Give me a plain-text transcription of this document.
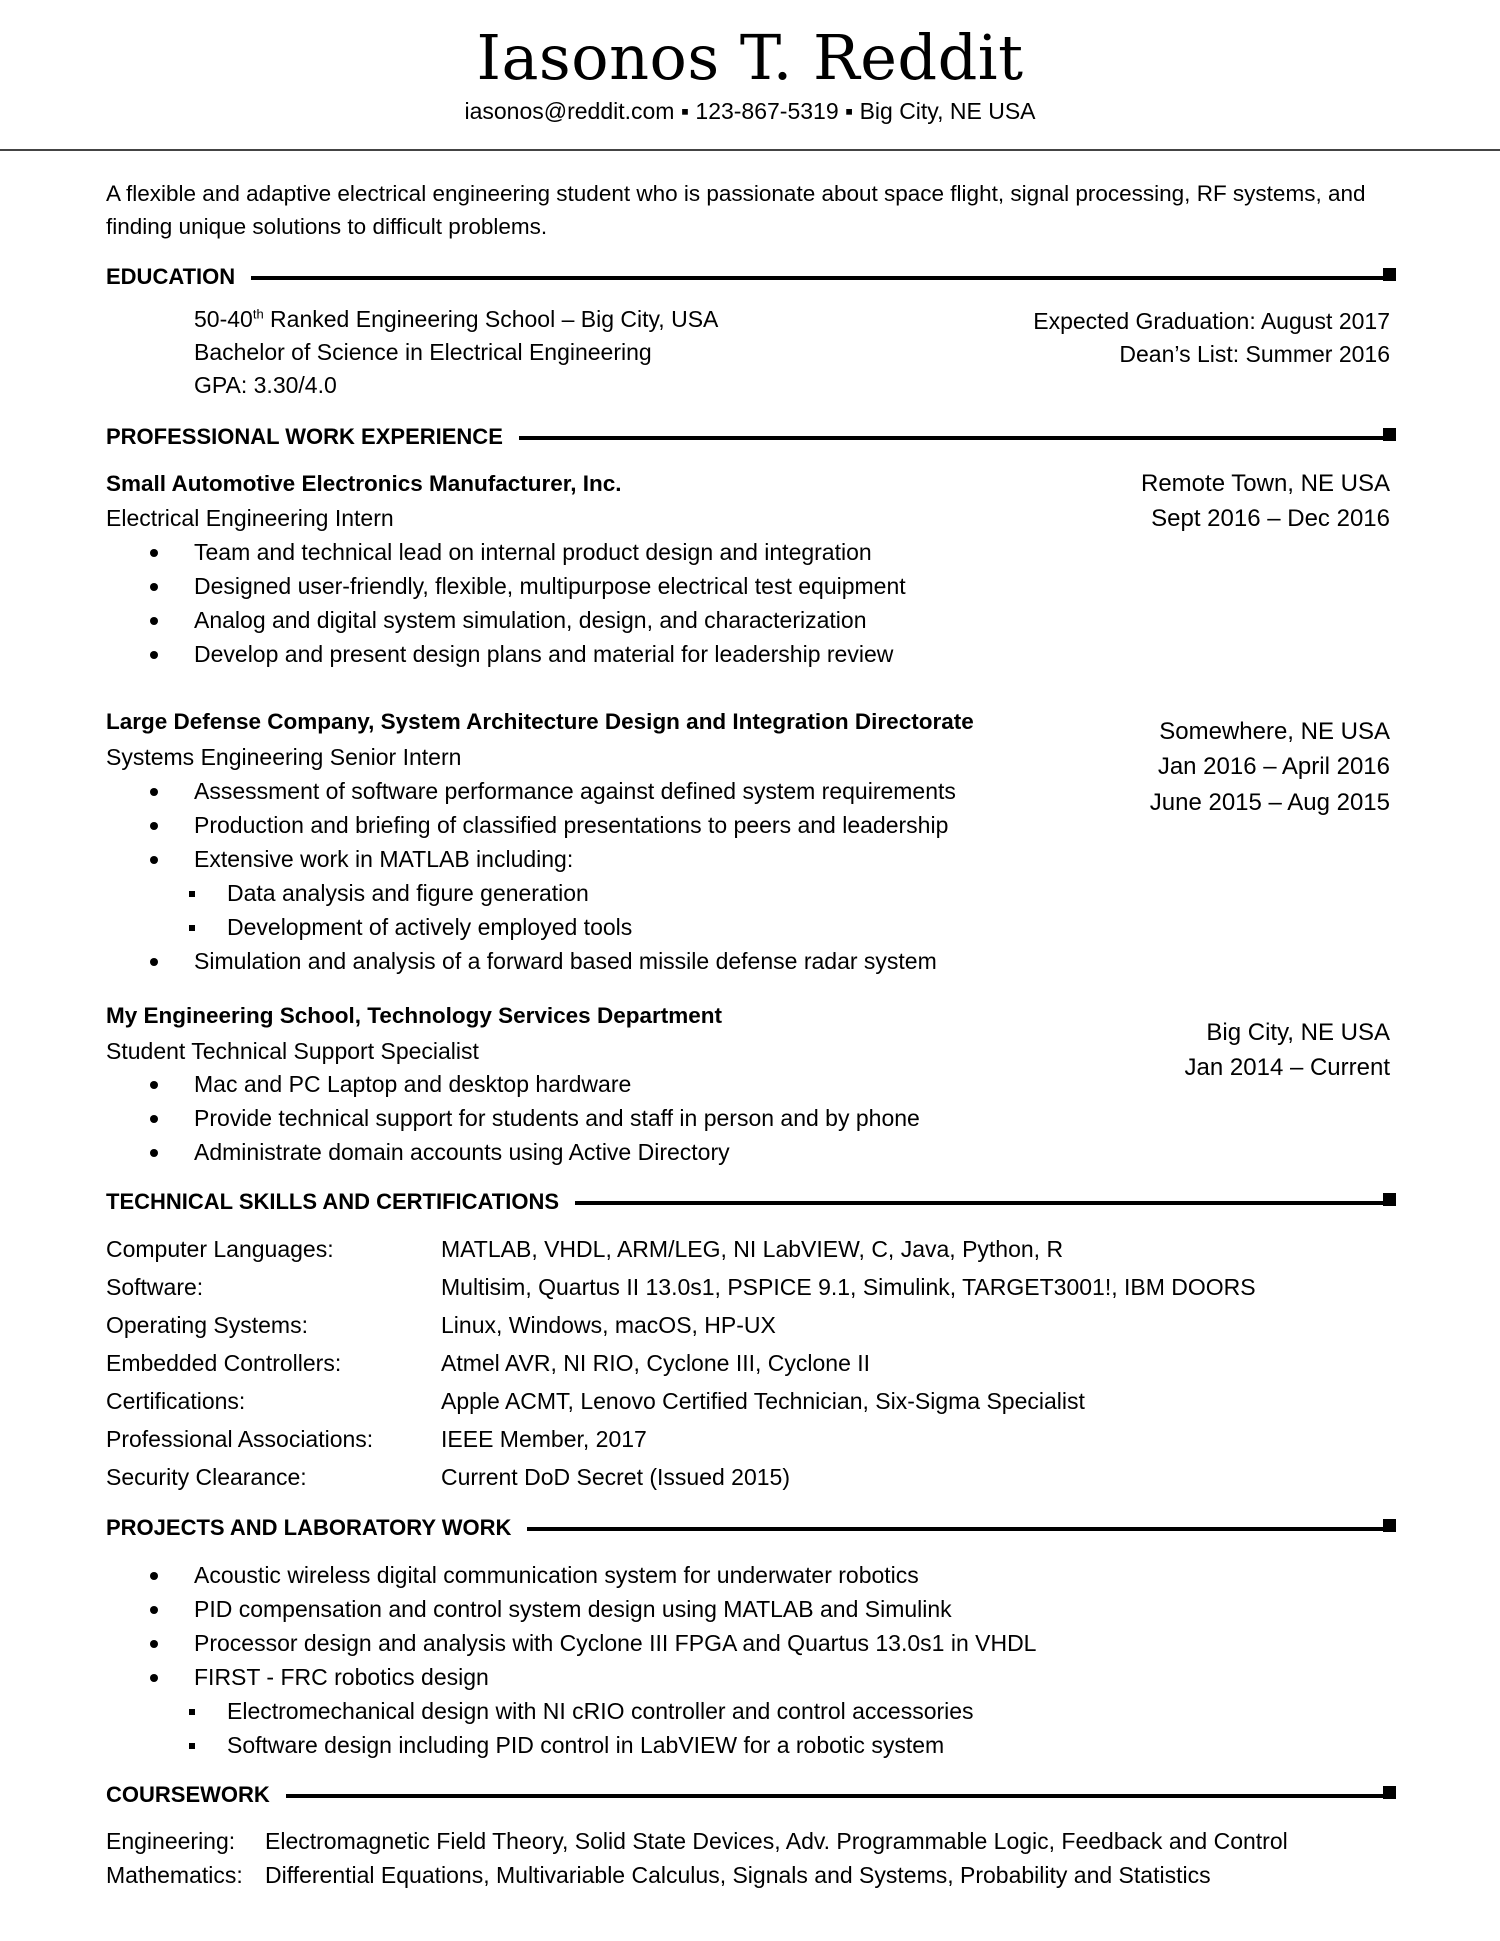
Iasonos T. Reddit
iasonos@reddit.com ▪ 123-867-5319 ▪ Big City, NE USA
A flexible and adaptive electrical engineering student who is passionate about space flight, signal processing, RF systems, and finding unique solutions to difficult problems.
EDUCATION
50-40th Ranked Engineering School – Big City, USA
Bachelor of Science in Electrical Engineering
GPA: 3.30/4.0
Expected Graduation: August 2017
Dean’s List: Summer 2016
PROFESSIONAL WORK EXPERIENCE
Small Automotive Electronics Manufacturer, Inc.
Electrical Engineering Intern
Remote Town, NE USA
Sept 2016 – Dec 2016
Team and technical lead on internal product design and integration
Designed user-friendly, flexible, multipurpose electrical test equipment
Analog and digital system simulation, design, and characterization
Develop and present design plans and material for leadership review
Large Defense Company, System Architecture Design and Integration Directorate
Systems Engineering Senior Intern
Somewhere, NE USA
Jan 2016 – April 2016
June 2015 – Aug 2015
Assessment of software performance against defined system requirements
Production and briefing of classified presentations to peers and leadership
Extensive work in MATLAB including:
Data analysis and figure generation
Development of actively employed tools
Simulation and analysis of a forward based missile defense radar system
My Engineering School, Technology Services Department
Student Technical Support Specialist
Big City, NE USA
Jan 2014 – Current
Mac and PC Laptop and desktop hardware
Provide technical support for students and staff in person and by phone
Administrate domain accounts using Active Directory
TECHNICAL SKILLS AND CERTIFICATIONS
Computer Languages:	MATLAB, VHDL, ARM/LEG, NI LabVIEW, C, Java, Python, R
Software:	Multisim, Quartus II 13.0s1, PSPICE 9.1, Simulink, TARGET3001!, IBM DOORS
Operating Systems:	Linux, Windows, macOS, HP-UX
Embedded Controllers:	Atmel AVR, NI RIO, Cyclone III, Cyclone II
Certifications:	Apple ACMT, Lenovo Certified Technician, Six-Sigma Specialist
Professional Associations:	IEEE Member, 2017
Security Clearance:	Current DoD Secret (Issued 2015)
PROJECTS AND LABORATORY WORK
Acoustic wireless digital communication system for underwater robotics
PID compensation and control system design using MATLAB and Simulink
Processor design and analysis with Cyclone III FPGA and Quartus 13.0s1 in VHDL
FIRST - FRC robotics design
Electromechanical design with NI cRIO controller and control accessories
Software design including PID control in LabVIEW for a robotic system
COURSEWORK
Engineering: Electromagnetic Field Theory, Solid State Devices, Adv. Programmable Logic, Feedback and Control
Mathematics: Differential Equations, Multivariable Calculus, Signals and Systems, Probability and Statistics
